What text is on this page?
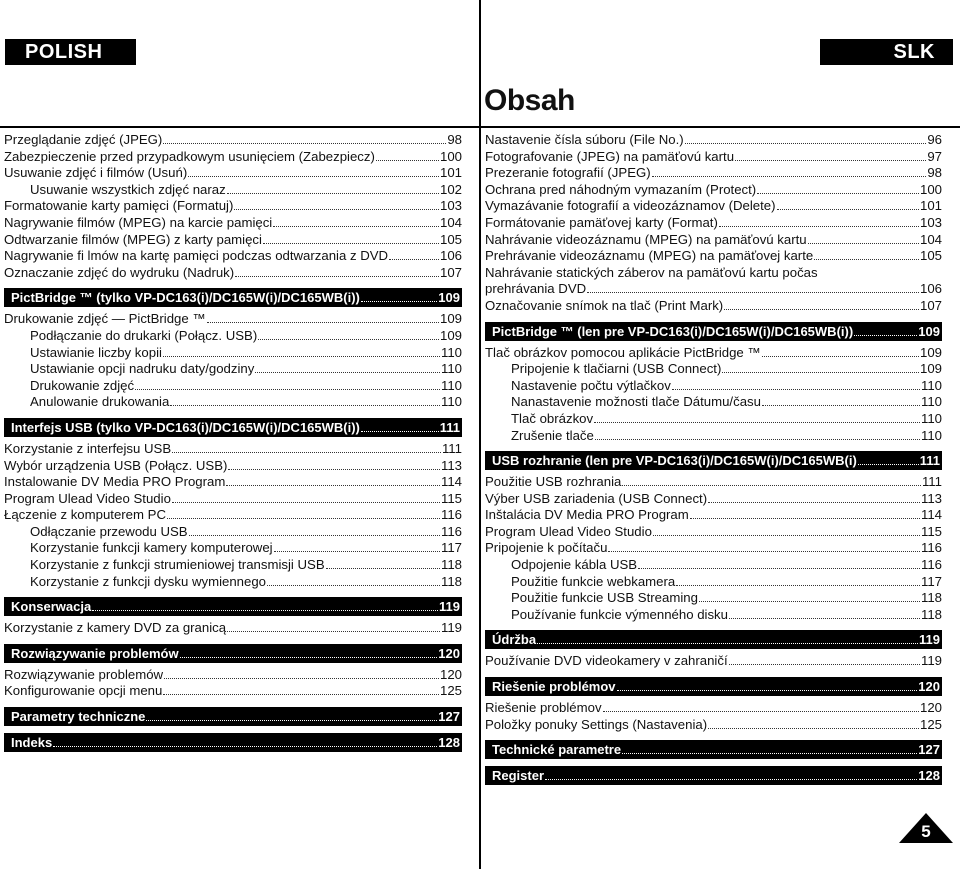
POLISH	SLK
Obsah
Przeglądanie zdjęć (JPEG)	98
Zabezpieczenie przed przypadkowym usunięciem (Zabezpiecz)	100
Usuwanie zdjęć i filmów (Usuń)	101
Usuwanie wszystkich zdjęć naraz	102
Formatowanie karty pamięci (Formatuj)	103
Nagrywanie filmów (MPEG) na karcie pamięci	104
Odtwarzanie filmów (MPEG) z karty pamięci	105
Nagrywanie fi lmów na kartę pamięci podczas odtwarzania z DVD	106
Oznaczanie zdjęć do wydruku (Nadruk)	107
PictBridge ™ (tylko VP-DC163(i)/DC165W(i)/DC165WB(i))	109
Drukowanie zdjęć — PictBridge ™	109
Podłączanie do drukarki (Połącz. USB)	109
Ustawianie liczby kopii	110
Ustawianie opcji nadruku daty/godziny	110
Drukowanie zdjęć	110
Anulowanie drukowania	110
Interfejs USB (tylko VP-DC163(i)/DC165W(i)/DC165WB(i))	111
Korzystanie z interfejsu USB	111
Wybór urządzenia USB (Połącz. USB)	113
Instalowanie DV Media PRO Program	114
Program Ulead Video Studio	115
Łączenie z komputerem PC	116
Odłączanie przewodu USB	116
Korzystanie funkcji kamery komputerowej	117
Korzystanie z funkcji strumieniowej transmisji USB	118
Korzystanie z funkcji dysku wymiennego	118
Konserwacja	119
Korzystanie z kamery DVD za granicą	119
Rozwiązywanie problemów	120
Rozwiązywanie problemów	120
Konfigurowanie opcji menu	125
Parametry techniczne	127
Indeks	128
Nastavenie čísla súboru (File No.)	96
Fotografovanie (JPEG) na pamäťovú kartu	97
Prezeranie fotografií (JPEG)	98
Ochrana pred náhodným vymazaním (Protect)	100
Vymazávanie fotografií a videozáznamov (Delete)	101
Formátovanie pamäťovej karty (Format)	103
Nahrávanie videozáznamu (MPEG) na pamäťovú kartu	104
Prehrávanie videozáznamu (MPEG) na pamäťovej karte	105
Nahrávanie statických záberov na pamäťovú kartu počas
prehrávania DVD	106
Označovanie snímok na tlač (Print Mark)	107
PictBridge ™ (len pre VP-DC163(i)/DC165W(i)/DC165WB(i))	109
Tlač obrázkov pomocou aplikácie PictBridge ™	109
Pripojenie k tlačiarni (USB Connect)	109
Nastavenie počtu výtlačkov	110
Nanastavenie možnosti tlače Dátumu/času	110
Tlač obrázkov	110
Zrušenie tlače	110
USB rozhranie (len pre VP-DC163(i)/DC165W(i)/DC165WB(i)	111
Použitie USB rozhrania	111
Výber USB zariadenia (USB Connect)	113
Inštalácia DV Media PRO Program	114
Program Ulead Video Studio	115
Pripojenie k počítaču	116
Odpojenie kábla USB	116
Použitie funkcie webkamera	117
Použitie funkcie USB Streaming	118
Používanie funkcie výmenného disku	118
Údržba	119
Používanie DVD videokamery v zahraničí	119
Riešenie problémov	120
Riešenie problémov	120
Položky ponuky Settings (Nastavenia)	125
Technické parametre	127
Register	128
5
